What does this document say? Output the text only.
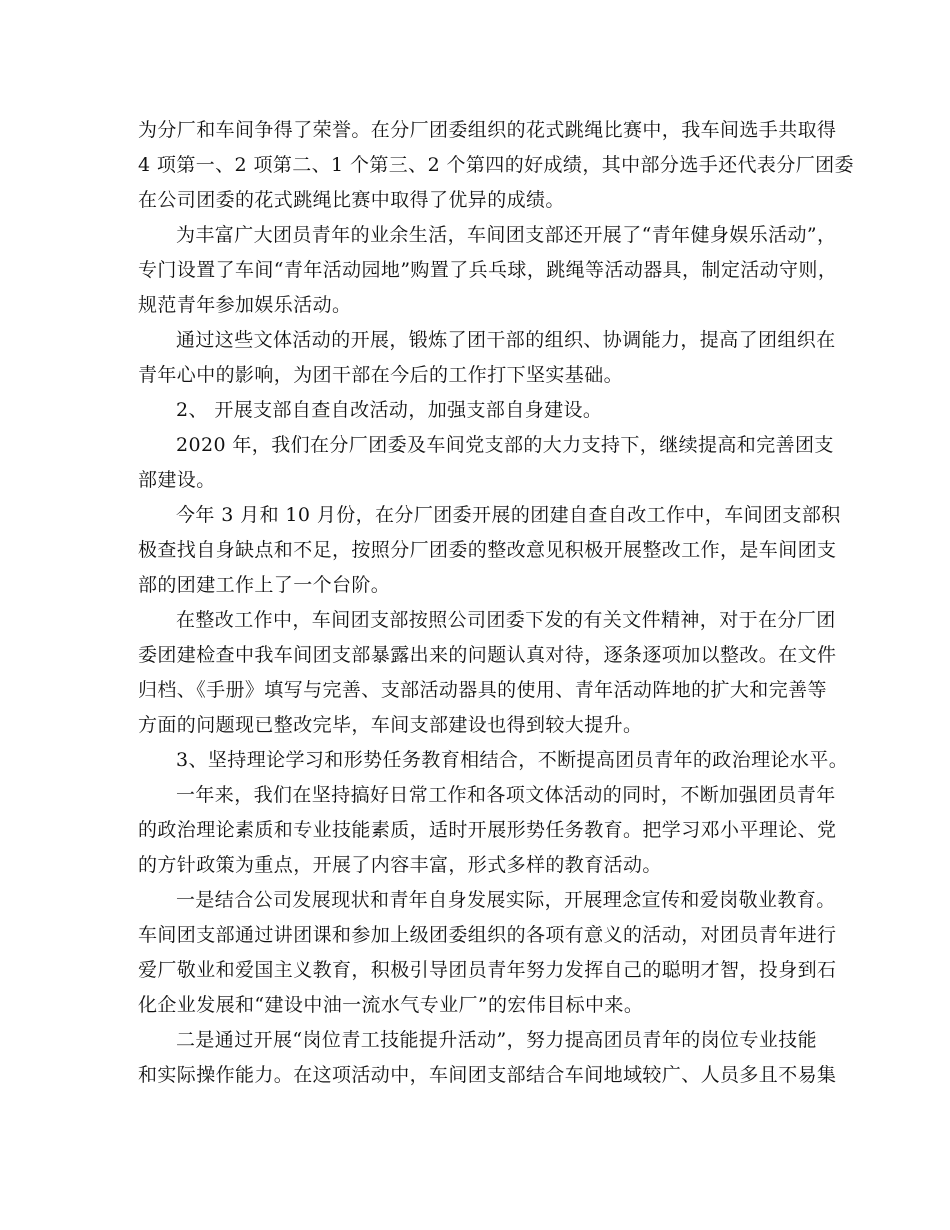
为分厂和车间争得了荣誉。在分厂团委组织的花式跳绳比赛中，我车间选手共取得
4 项第一、2 项第二、1 个第三、2 个第四的好成绩，其中部分选手还代表分厂团委
在公司团委的花式跳绳比赛中取得了优异的成绩。
为丰富广大团员青年的业余生活，车间团支部还开展了“青年健身娱乐活动”，
专门设置了车间“青年活动园地”购置了兵乓球，跳绳等活动器具，制定活动守则，
规范青年参加娱乐活动。
通过这些文体活动的开展，锻炼了团干部的组织、协调能力，提高了团组织在
青年心中的影响，为团干部在今后的工作打下坚实基础。
2、 开展支部自查自改活动，加强支部自身建设。
2020 年，我们在分厂团委及车间党支部的大力支持下，继续提高和完善团支
部建设。
今年 3 月和 10 月份，在分厂团委开展的团建自查自改工作中，车间团支部积
极查找自身缺点和不足，按照分厂团委的整改意见积极开展整改工作，是车间团支
部的团建工作上了一个台阶。
在整改工作中，车间团支部按照公司团委下发的有关文件精神，对于在分厂团
委团建检查中我车间团支部暴露出来的问题认真对待，逐条逐项加以整改。在文件
归档、《手册》填写与完善、支部活动器具的使用、青年活动阵地的扩大和完善等
方面的问题现已整改完毕，车间支部建设也得到较大提升。
3、坚持理论学习和形势任务教育相结合，不断提高团员青年的政治理论水平。
一年来，我们在坚持搞好日常工作和各项文体活动的同时，不断加强团员青年
的政治理论素质和专业技能素质，适时开展形势任务教育。把学习邓小平理论、党
的方针政策为重点，开展了内容丰富，形式多样的教育活动。
一是结合公司发展现状和青年自身发展实际，开展理念宣传和爱岗敬业教育。
车间团支部通过讲团课和参加上级团委组织的各项有意义的活动，对团员青年进行
爱厂敬业和爱国主义教育，积极引导团员青年努力发挥自己的聪明才智，投身到石
化企业发展和“建设中油一流水气专业厂”的宏伟目标中来。
二是通过开展“岗位青工技能提升活动”，努力提高团员青年的岗位专业技能
和实际操作能力。在这项活动中，车间团支部结合车间地域较广、人员多且不易集
